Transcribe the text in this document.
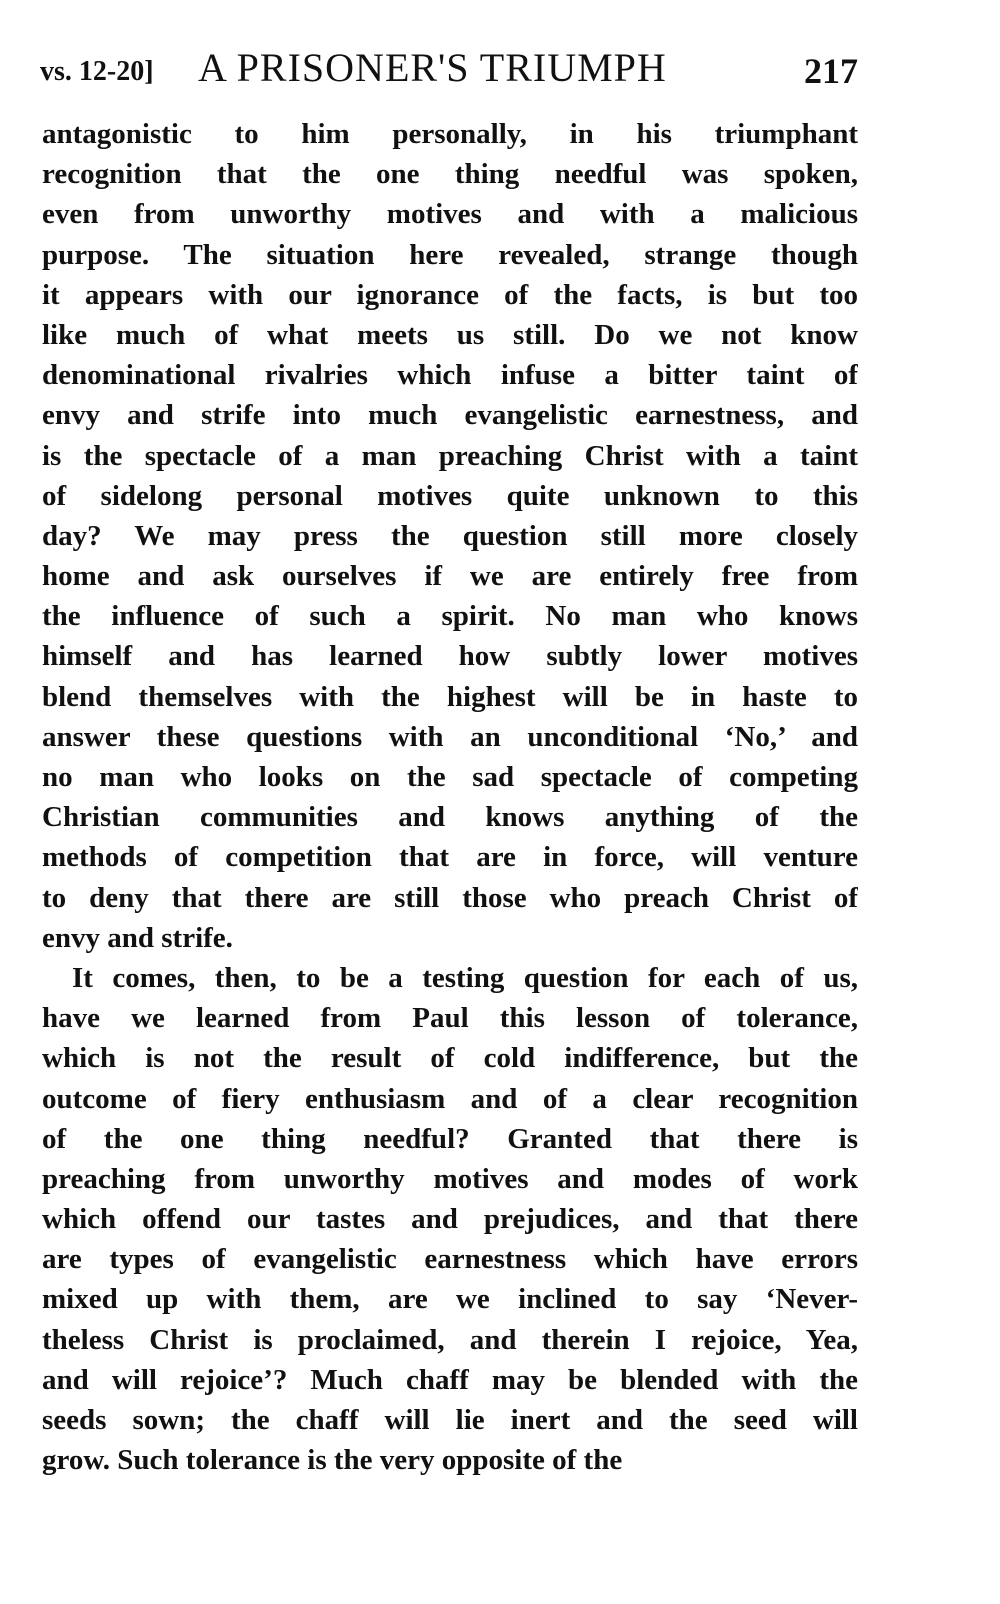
vs. 12-20] A PRISONER'S TRIUMPH	217
antagonistic to him personally, in his triumphant
recognition that the one thing needful was spoken,
even from unworthy motives and with a malicious
purpose. The situation here revealed, strange though
it appears with our ignorance of the facts, is but too
like much of what meets us still. Do we not know
denominational rivalries which infuse a bitter taint of
envy and strife into much evangelistic earnestness, and
is the spectacle of a man preaching Christ with a taint
of sidelong personal motives quite unknown to this
day? We may press the question still more closely
home and ask ourselves if we are entirely free from
the influence of such a spirit. No man who knows
himself and has learned how subtly lower motives
blend themselves with the highest will be in haste to
answer these questions with an unconditional ‘No,’ and
no man who looks on the sad spectacle of competing
Christian communities and knows anything of the
methods of competition that are in force, will venture
to deny that there are still those who preach Christ of
envy and strife.
It comes, then, to be a testing question for each of us,
have we learned from Paul this lesson of tolerance,
which is not the result of cold indifference, but the
outcome of fiery enthusiasm and of a clear recognition
of the one thing needful? Granted that there is
preaching from unworthy motives and modes of work
which offend our tastes and prejudices, and that there
are types of evangelistic earnestness which have errors
mixed up with them, are we inclined to say ‘Never-
theless Christ is proclaimed, and therein I rejoice, Yea,
and will rejoice’? Much chaff may be blended with the
seeds sown; the chaff will lie inert and the seed will
grow. Such tolerance is the very opposite of the
